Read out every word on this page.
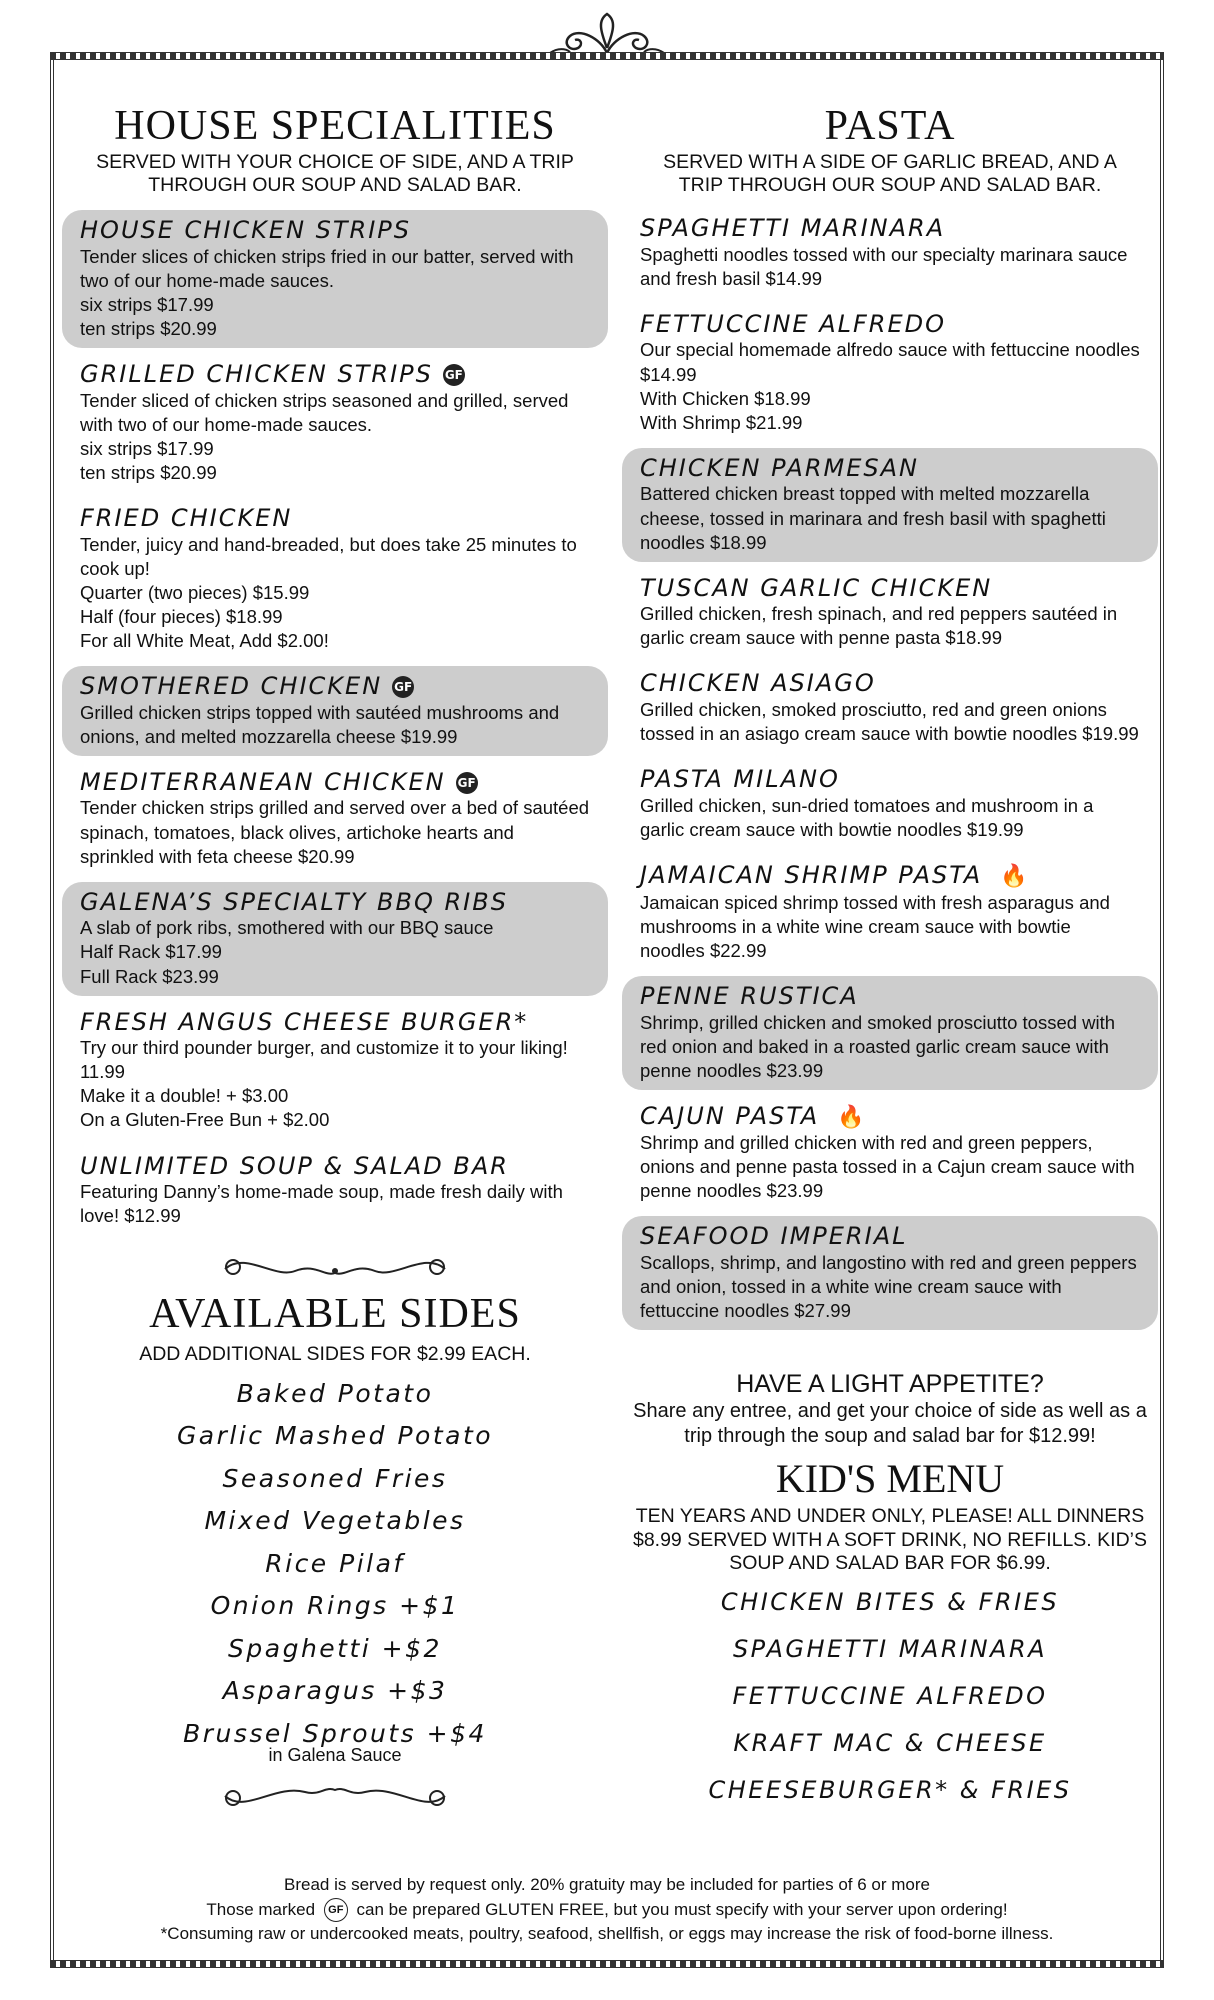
HOUSE SPECIALITIES

SERVED WITH YOUR CHOICE OF SIDE, AND A TRIP THROUGH OUR SOUP AND SALAD BAR.

HOUSE CHICKEN STRIPS
Tender slices of chicken strips fried in our batter, served with two of our home-made sauces.
six strips $17.99
ten strips $20.99
GRILLED CHICKEN STRIPS GF
Tender sliced of chicken strips seasoned and grilled, served with two of our home-made sauces.
six strips $17.99
ten strips $20.99
FRIED CHICKEN
Tender, juicy and hand-breaded, but does take 25 minutes to cook up!
Quarter (two pieces) $15.99
Half (four pieces) $18.99
For all White Meat, Add $2.00!
SMOTHERED CHICKEN GF
Grilled chicken strips topped with sautéed mushrooms and onions, and melted mozzarella cheese $19.99
MEDITERRANEAN CHICKEN GF
Tender chicken strips grilled and served over a bed of sautéed spinach, tomatoes, black olives, artichoke hearts and sprinkled with feta cheese $20.99
GALENA’S SPECIALTY BBQ RIBS
A slab of pork ribs, smothered with our BBQ sauce
Half Rack $17.99
Full Rack $23.99
FRESH ANGUS CHEESE BURGER*
Try our third pounder burger, and customize it to your liking! 11.99
Make it a double! + $3.00
On a Gluten-Free Bun + $2.00
UNLIMITED SOUP & SALAD BAR
Featuring Danny’s home-made soup, made fresh daily with love! $12.99
AVAILABLE SIDES

ADD ADDITIONAL SIDES FOR $2.99 EACH.

Baked Potato
Garlic Mashed Potato
Seasoned Fries
Mixed Vegetables
Rice Pilaf
Onion Rings +$1
Spaghetti +$2
Asparagus +$3
Brussel Sprouts +$4
in Galena Sauce
PASTA

SERVED WITH A SIDE OF GARLIC BREAD, AND A TRIP THROUGH OUR SOUP AND SALAD BAR.

SPAGHETTI MARINARA
Spaghetti noodles tossed with our specialty marinara sauce and fresh basil $14.99
FETTUCCINE ALFREDO
Our special homemade alfredo sauce with fettuccine noodles $14.99
With Chicken $18.99
With Shrimp $21.99
CHICKEN PARMESAN
Battered chicken breast topped with melted mozzarella cheese, tossed in marinara and fresh basil with spaghetti noodles $18.99
TUSCAN GARLIC CHICKEN
Grilled chicken, fresh spinach, and red peppers sautéed in garlic cream sauce with penne pasta $18.99
CHICKEN ASIAGO
Grilled chicken, smoked prosciutto, red and green onions tossed in an asiago cream sauce with bowtie noodles $19.99
PASTA MILANO
Grilled chicken, sun-dried tomatoes and mushroom in a garlic cream sauce with bowtie noodles $19.99
JAMAICAN SHRIMP PASTA 🔥
Jamaican spiced shrimp tossed with fresh asparagus and mushrooms in a white wine cream sauce with bowtie noodles $22.99
PENNE RUSTICA
Shrimp, grilled chicken and smoked prosciutto tossed with red onion and baked in a roasted garlic cream sauce with penne noodles $23.99
CAJUN PASTA 🔥
Shrimp and grilled chicken with red and green peppers, onions and penne pasta tossed in a Cajun cream sauce with penne noodles $23.99
SEAFOOD IMPERIAL
Scallops, shrimp, and langostino with red and green peppers and onion, tossed in a white wine cream sauce with fettuccine noodles $27.99
HAVE A LIGHT APPETITE?
Share any entree, and get your choice of side as well as a trip through the soup and salad bar for $12.99!
KID'S MENU
TEN YEARS AND UNDER ONLY, PLEASE! ALL DINNERS $8.99 SERVED WITH A SOFT DRINK, NO REFILLS. KID’S SOUP AND SALAD BAR FOR $6.99.
CHICKEN BITES & FRIES
SPAGHETTI MARINARA
FETTUCCINE ALFREDO
KRAFT MAC & CHEESE
CHEESEBURGER* & FRIES
Bread is served by request only. 20% gratuity may be included for parties of 6 or more
Those marked GF can be prepared GLUTEN FREE, but you must specify with your server upon ordering!
*Consuming raw or undercooked meats, poultry, seafood, shellfish, or eggs may increase the risk of food-borne illness.
